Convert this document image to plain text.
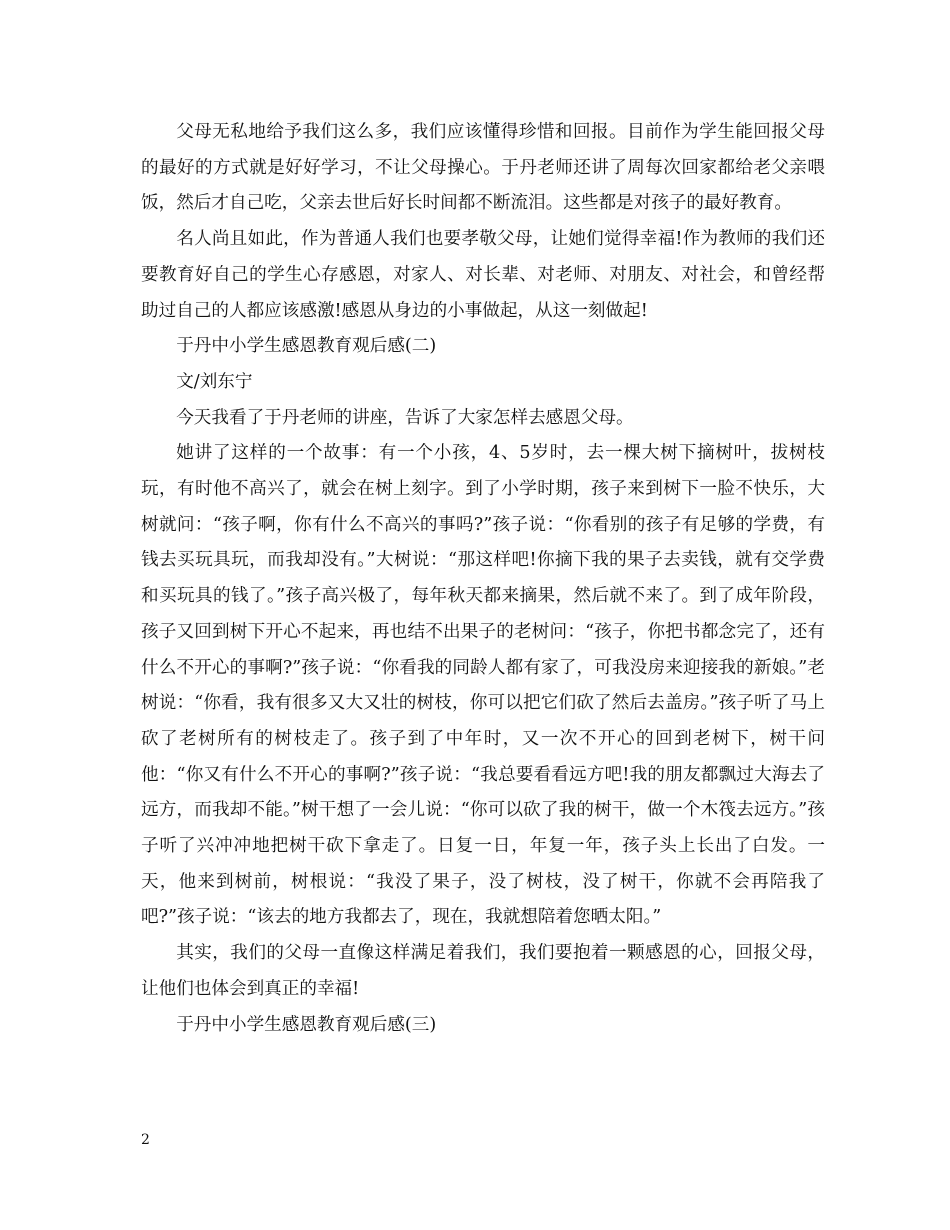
父母无私地给予我们这么多，我们应该懂得珍惜和回报。目前作为学生能回报父母的最好的方式就是好好学习，不让父母操心。于丹老师还讲了周每次回家都给老父亲喂饭，然后才自己吃，父亲去世后好长时间都不断流泪。这些都是对孩子的最好教育。

名人尚且如此，作为普通人我们也要孝敬父母，让她们觉得幸福!作为教师的我们还要教育好自己的学生心存感恩，对家人、对长辈、对老师、对朋友、对社会，和曾经帮助过自己的人都应该感激!感恩从身边的小事做起，从这一刻做起!

于丹中小学生感恩教育观后感(二)

文/刘东宁

今天我看了于丹老师的讲座，告诉了大家怎样去感恩父母。

她讲了这样的一个故事：有一个小孩，4、5岁时，去一棵大树下摘树叶，拔树枝玩，有时他不高兴了，就会在树上刻字。到了小学时期，孩子来到树下一脸不快乐，大树就问：“孩子啊，你有什么不高兴的事吗?”孩子说：“你看别的孩子有足够的学费，有钱去买玩具玩，而我却没有。”大树说：“那这样吧!你摘下我的果子去卖钱，就有交学费和买玩具的钱了。”孩子高兴极了，每年秋天都来摘果，然后就不来了。到了成年阶段，孩子又回到树下开心不起来，再也结不出果子的老树问：“孩子，你把书都念完了，还有什么不开心的事啊?”孩子说：“你看我的同龄人都有家了，可我没房来迎接我的新娘。”老树说：“你看，我有很多又大又壮的树枝，你可以把它们砍了然后去盖房。”孩子听了马上砍了老树所有的树枝走了。孩子到了中年时，又一次不开心的回到老树下，树干问他：“你又有什么不开心的事啊?”孩子说：“我总要看看远方吧!我的朋友都飘过大海去了远方，而我却不能。”树干想了一会儿说：“你可以砍了我的树干，做一个木筏去远方。”孩子听了兴冲冲地把树干砍下拿走了。日复一日，年复一年，孩子头上长出了白发。一天，他来到树前，树根说：“我没了果子，没了树枝，没了树干，你就不会再陪我了吧?”孩子说：“该去的地方我都去了，现在，我就想陪着您晒太阳。”

其实，我们的父母一直像这样满足着我们，我们要抱着一颗感恩的心，回报父母，让他们也体会到真正的幸福!

于丹中小学生感恩教育观后感(三)

2
